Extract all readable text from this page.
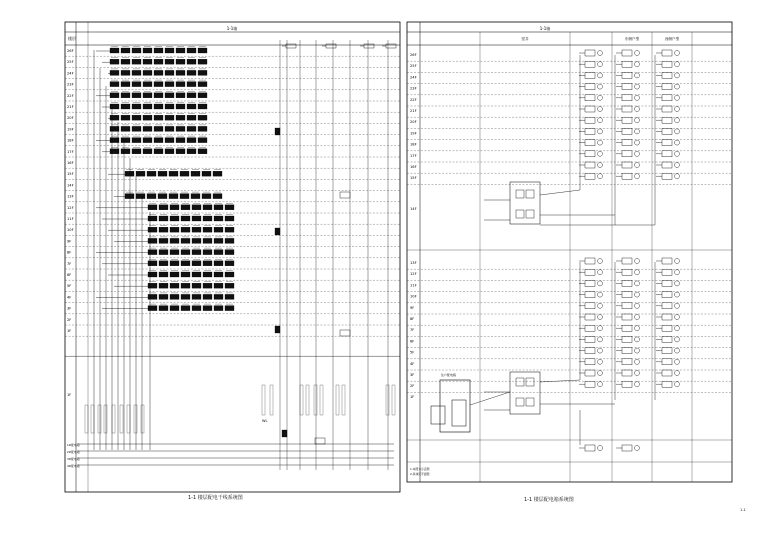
楼层
1-1轴
26F
25F
24F
23F
22F
21F
20F
19F
18F
17F
16F
15F
14F
13F
12F
11F
10F
9F
8F
7F
6F
5F
4F
3F
2F
1F
1F
1#配电箱
2#配电箱
3#配电箱
4#配电箱
WL
1-1轴
竖井	东侧户型	西侧户型
26F
25F
24F
23F
22F
21F
20F
19F
18F
17F
16F
15F
14F
13F
12F
11F
10F
9F
8F
7F
6F
5F
4F
3F
2F
住户配电箱
1F
1.本图为示意图
2.具体见平面图
1-1 楼层配电干线系统图	1-1 楼层配电箱系统图
1-1
